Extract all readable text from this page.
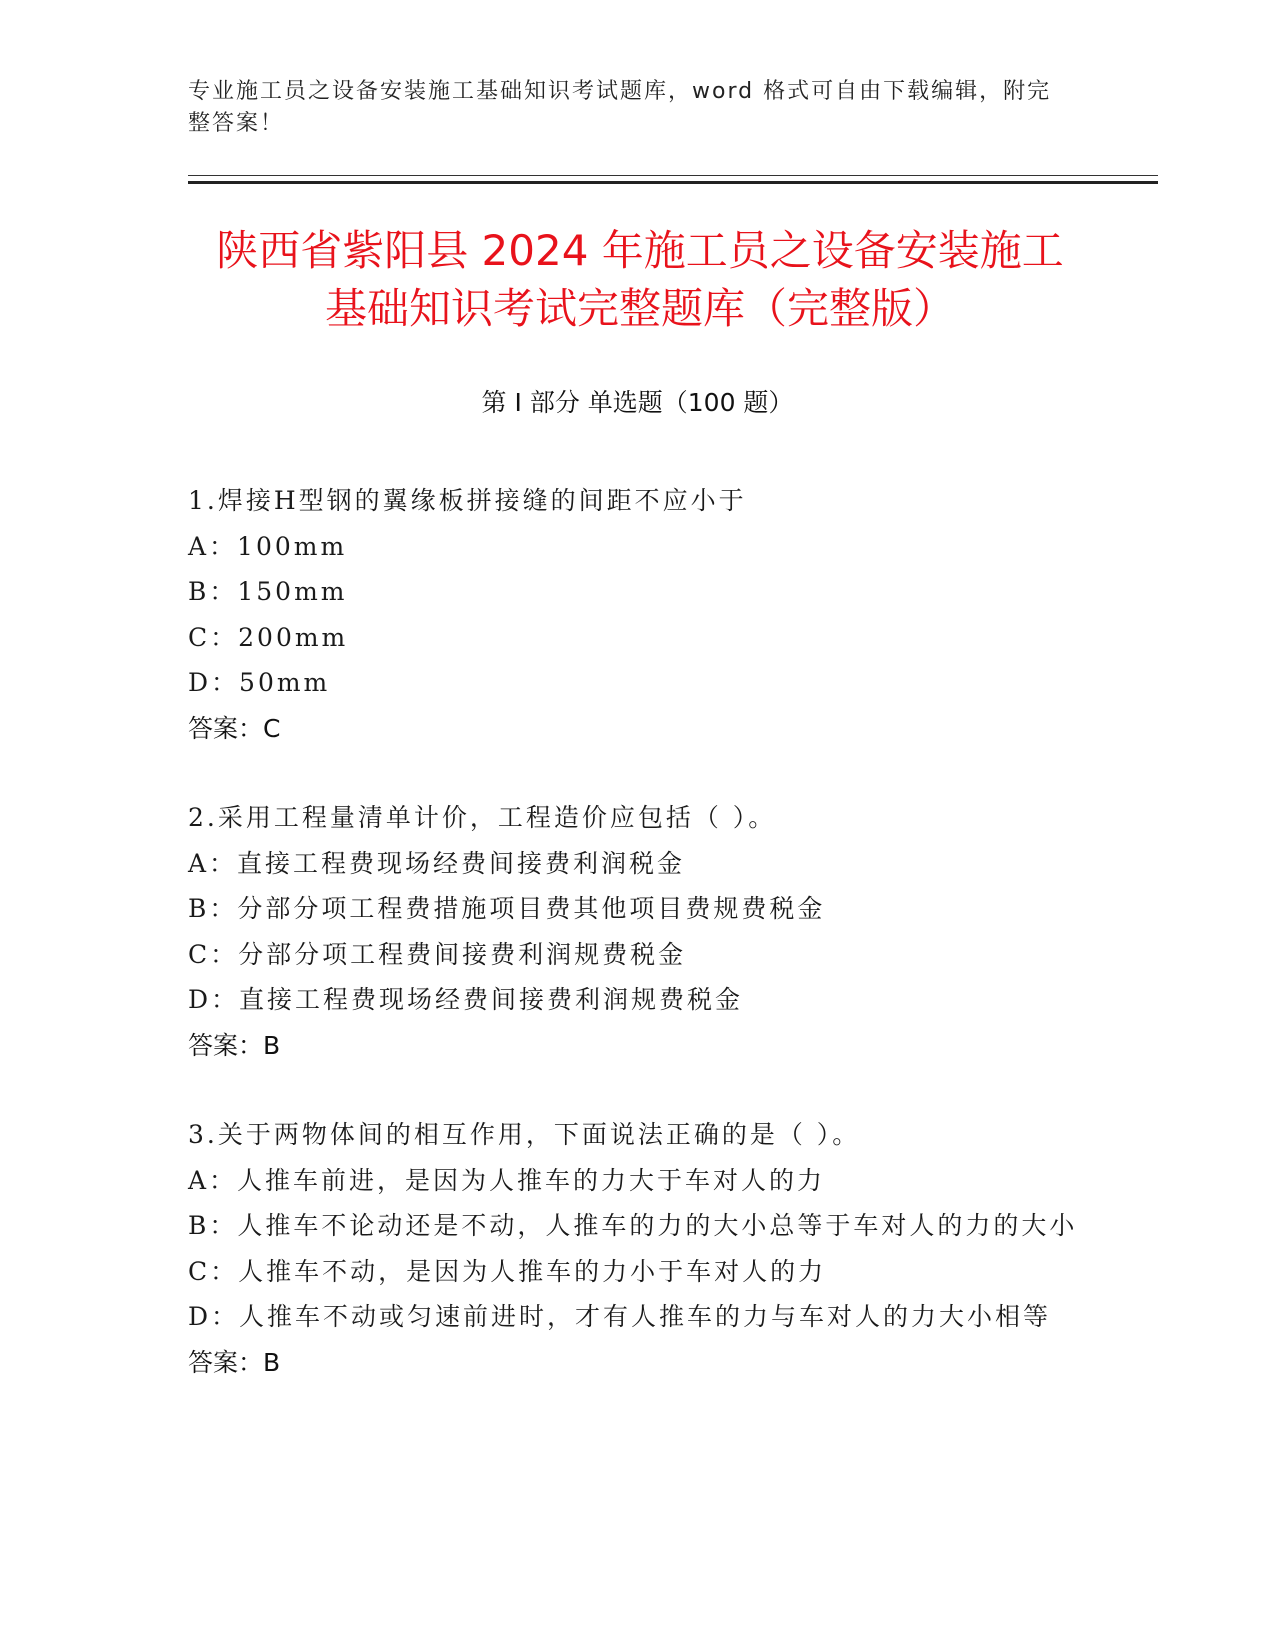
专业施工员之设备安装施工基础知识考试题库，word 格式可自由下载编辑，附完整答案！
陕西省紫阳县 2024 年施工员之设备安装施工
基础知识考试完整题库（完整版）
第 I 部分 单选题（100 题）
1.焊接H型钢的翼缘板拼接缝的间距不应小于
A：100mm
B：150mm
C：200mm
D：50mm
答案：C
2.采用工程量清单计价，工程造价应包括（ ）。
A：直接工程费现场经费间接费利润税金
B：分部分项工程费措施项目费其他项目费规费税金
C：分部分项工程费间接费利润规费税金
D：直接工程费现场经费间接费利润规费税金
答案：B
3.关于两物体间的相互作用，下面说法正确的是（ ）。
A：人推车前进，是因为人推车的力大于车对人的力
B：人推车不论动还是不动，人推车的力的大小总等于车对人的力的大小
C：人推车不动，是因为人推车的力小于车对人的力
D：人推车不动或匀速前进时，才有人推车的力与车对人的力大小相等
答案：B
